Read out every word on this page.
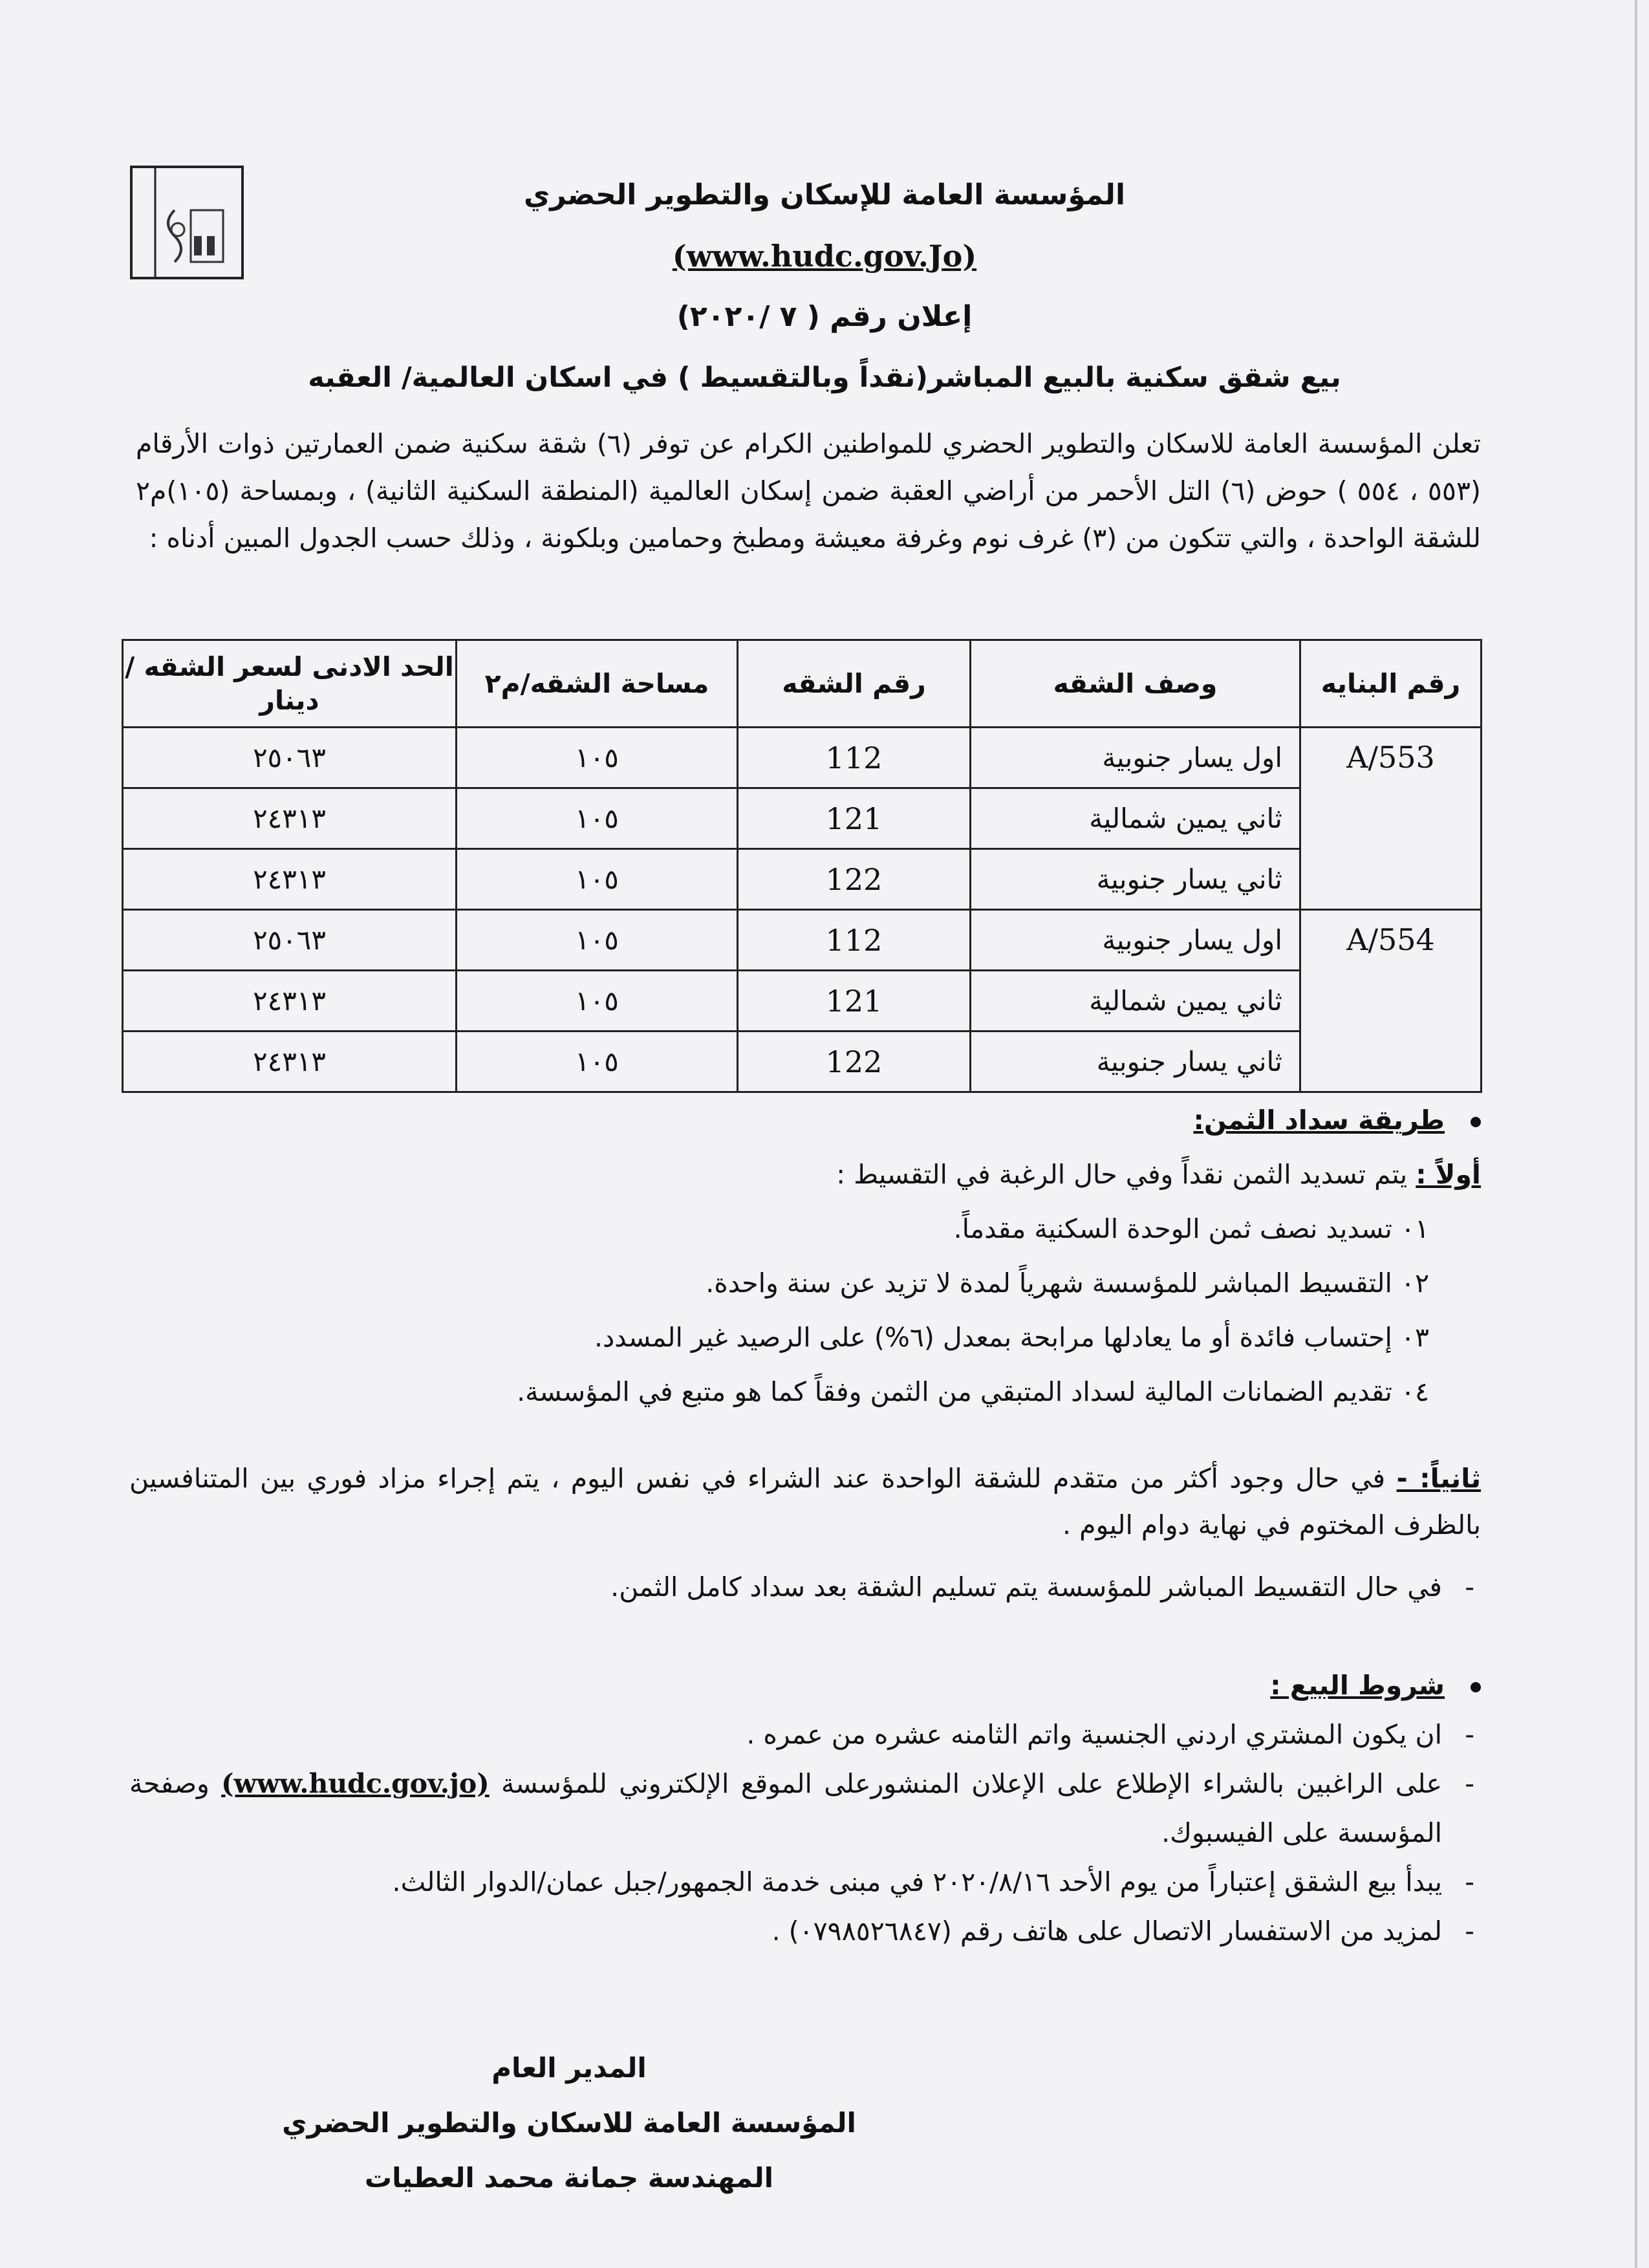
المؤسسة العامة للإسكان والتطوير الحضري
(www.hudc.gov.Jo)
إعلان رقم ( ٧ /٢٠٢٠)
بيع شقق سكنية بالبيع المباشر(نقداً وبالتقسيط ) في اسكان العالمية/ العقبه
تعلن المؤسسة العامة للاسكان والتطوير الحضري للمواطنين الكرام عن توفر (٦) شقة سكنية ضمن العمارتين ذوات الأرقام (٥٥٣ ، ٥٥٤ ) حوض (٦) التل الأحمر من أراضي العقبة ضمن إسكان العالمية (المنطقة السكنية الثانية) ، وبمساحة (١٠٥)م٢ للشقة الواحدة ، والتي تتكون من (٣) غرف نوم وغرفة معيشة ومطبخ وحمامين وبلكونة ، وذلك حسب الجدول المبين أدناه :
رقم البنايه	وصف الشقه	رقم الشقه	مساحة الشقه/م٢	الحد الادنى لسعر الشقه /دينار
A/553	اول يسار جنوبية	112	١٠٥	٢٥٠٦٣
	ثاني يمين شمالية	121	١٠٥	٢٤٣١٣
	ثاني يسار جنوبية	122	١٠٥	٢٤٣١٣
A/554	اول يسار جنوبية	112	١٠٥	٢٥٠٦٣
	ثاني يمين شمالية	121	١٠٥	٢٤٣١٣
	ثاني يسار جنوبية	122	١٠٥	٢٤٣١٣
طريقة سداد الثمن:
أولاً : يتم تسديد الثمن نقداً وفي حال الرغبة في التقسيط :
٠١ تسديد نصف ثمن الوحدة السكنية مقدماً.
٠٢ التقسيط المباشر للمؤسسة شهرياً لمدة لا تزيد عن سنة واحدة.
٠٣ إحتساب فائدة أو ما يعادلها مرابحة بمعدل (٦%) على الرصيد غير المسدد.
٠٤ تقديم الضمانات المالية لسداد المتبقي من الثمن وفقاً كما هو متبع في المؤسسة.
ثانياً: - في حال وجود أكثر من متقدم للشقة الواحدة عند الشراء في نفس اليوم ، يتم إجراء مزاد فوري بين المتنافسين بالظرف المختوم في نهاية دوام اليوم .
- في حال التقسيط المباشر للمؤسسة يتم تسليم الشقة بعد سداد كامل الثمن.
شروط البيع :
- ان يكون المشتري اردني الجنسية واتم الثامنه عشره من عمره .
- على الراغبين بالشراء الإطلاع على الإعلان المنشورعلى الموقع الإلكتروني للمؤسسة (www.hudc.gov.jo) وصفحة المؤسسة على الفيسبوك.
- يبدأ بيع الشقق إعتباراً من يوم الأحد ٢٠٢٠/٨/١٦ في مبنى خدمة الجمهور/جبل عمان/الدوار الثالث.
- لمزيد من الاستفسار الاتصال على هاتف رقم (٠٧٩٨٥٢٦٨٤٧) .
المدير العام
المؤسسة العامة للاسكان والتطوير الحضري
المهندسة جمانة محمد العطيات
